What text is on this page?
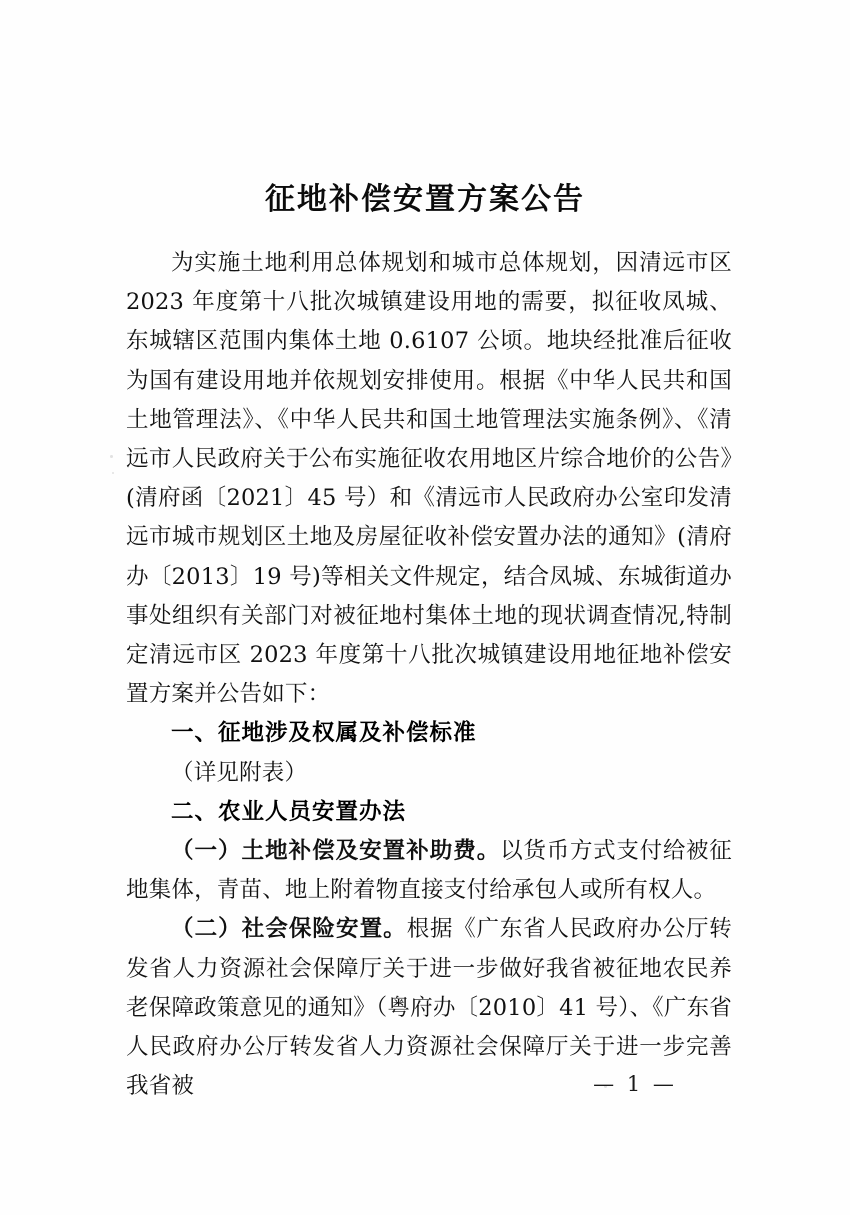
征地补偿安置方案公告

为实施土地利用总体规划和城市总体规划，因清远市区 2023 年度第十八批次城镇建设用地的需要，拟征收凤城、东城辖区范围内集体土地 0.6107 公顷。地块经批准后征收为国有建设用地并依规划安排使用。根据《中华人民共和国土地管理法》、《中华人民共和国土地管理法实施条例》、《清远市人民政府关于公布实施征收农用地区片综合地价的公告》(清府函〔2021〕45 号）和《清远市人民政府办公室印发清远市城市规划区土地及房屋征收补偿安置办法的通知》(清府办〔2013〕19 号)等相关文件规定，结合凤城、东城街道办事处组织有关部门对被征地村集体土地的现状调查情况,特制定清远市区 2023 年度第十八批次城镇建设用地征地补偿安置方案并公告如下：

一、征地涉及权属及补偿标准

（详见附表）

二、农业人员安置办法

（一）土地补偿及安置补助费。以货币方式支付给被征地集体，青苗、地上附着物直接支付给承包人或所有权人。

（二）社会保险安置。根据《广东省人民政府办公厅转发省人力资源社会保障厅关于进一步做好我省被征地农民养老保障政策意见的通知》（粤府办〔2010〕41 号）、《广东省人民政府办公厅转发省人力资源社会保障厅关于进一步完善我省被	— 1 —
